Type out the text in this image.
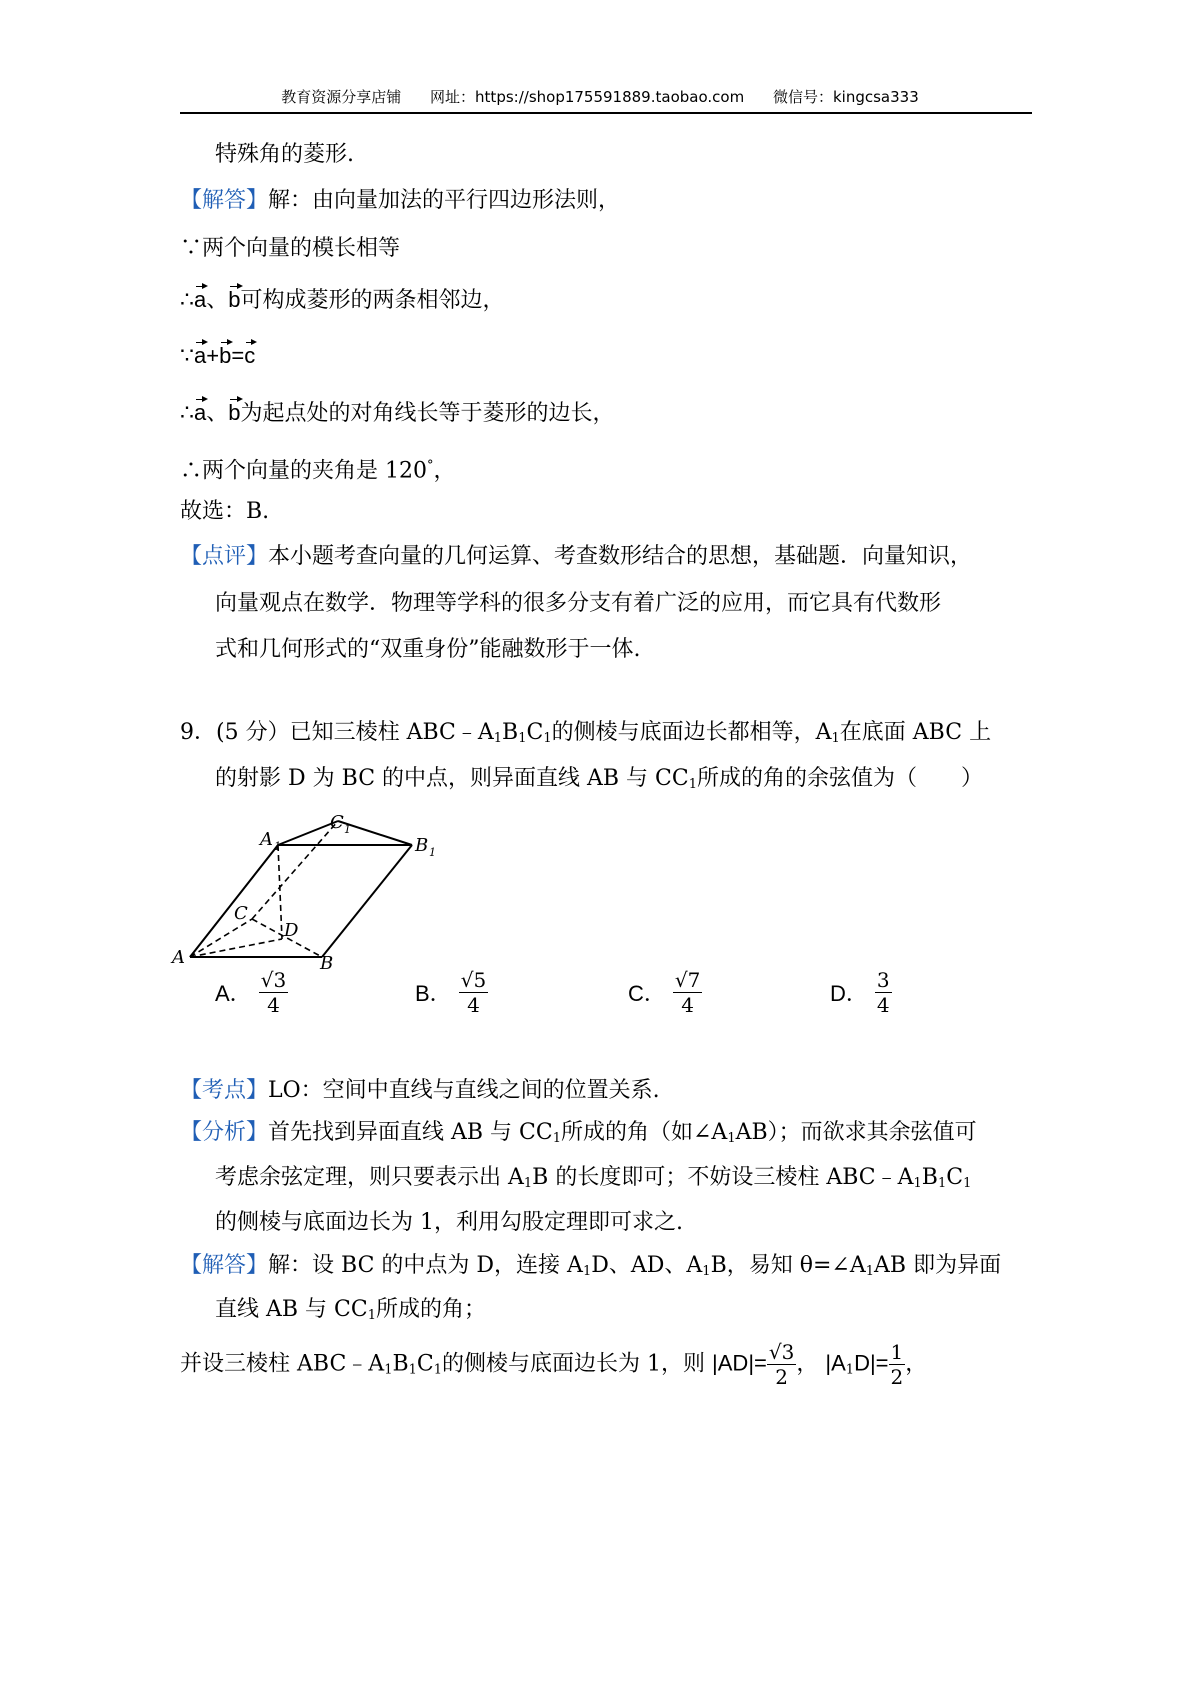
教育资源分享店铺 网址：https://shop175591889.taobao.com 微信号：kingcsa333
特殊角的菱形.
【解答】解：由向量加法的平行四边形法则，
∵两个向量的模长相等
∴a、b可构成菱形的两条相邻边，
∵a+b=c
∴a、b为起点处的对角线长等于菱形的边长，
∴两个向量的夹角是 120°，
故选：B.
【点评】本小题考查向量的几何运算、考查数形结合的思想，基础题．向量知识，
向量观点在数学．物理等学科的很多分支有着广泛的应用，而它具有代数形
式和几何形式的“双重身份”能融数形于一体.
9．(5 分）已知三棱柱 $ABC﹣A_1B_1C_1$的侧棱与底面边长都相等，$A_1$在底面 ABC 上
的射影 D 为 BC 的中点，则异面直线 AB 与 $CC_1$所成的角的余弦值为（　　）
A	B
C
D
A 1	B 1
C 1
A． $\frac{√3}{4}$	B． $\frac{√5}{4}$	C． $\frac{√7}{4}$	D． $\frac{3}{4}$
【考点】LO：空间中直线与直线之间的位置关系.
【分析】首先找到异面直线 AB 与 $CC_1$所成的角（如$\angle A_1AB$）；而欲求其余弦值可
考虑余弦定理，则只要表示出 $A_1B$ 的长度即可；不妨设三棱柱 $ABC﹣A_1B_1C_1$
的侧棱与底面边长为 1，利用勾股定理即可求之.
【解答】解：设 BC 的中点为 D，连接 $A_1D$、AD、$A_1B$，易知 $\theta=\angle A_1AB$ 即为异面
直线 AB 与 $CC_1$所成的角；
并设三棱柱 $ABC﹣A_1B_1C_1$的侧棱与底面边长为 1，则 $|AD|= \frac{√3}{2}$ ， $|A_1D|= \frac{1}{2}$ ，
